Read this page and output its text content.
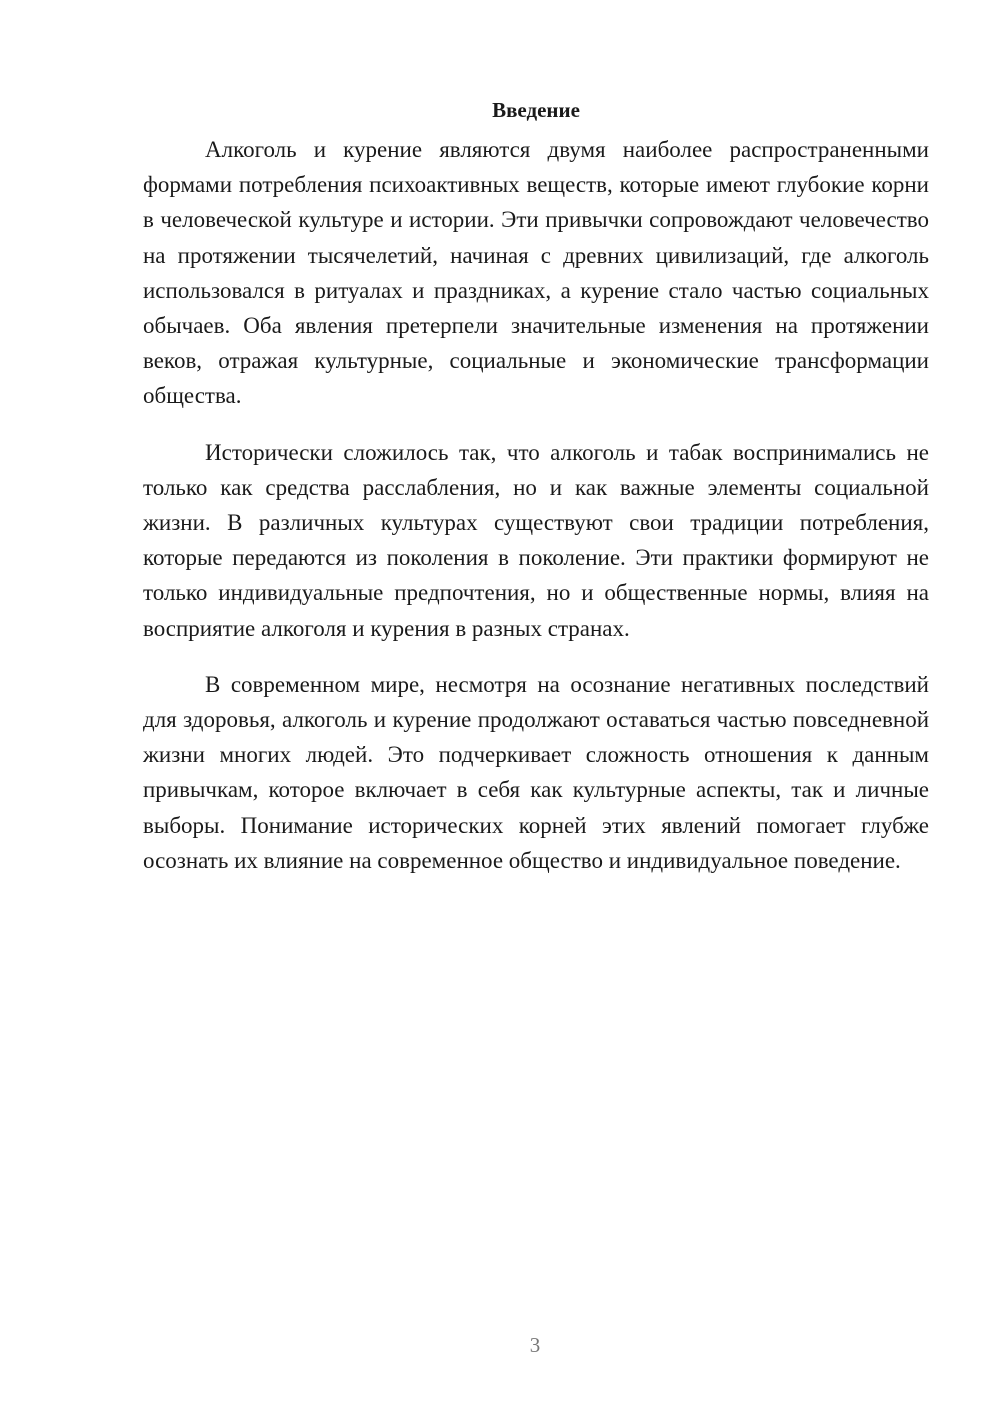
Введение

Алкоголь и курение являются двумя наиболее распространенными формами потребления психоактивных веществ, которые имеют глубокие корни в человеческой культуре и истории. Эти привычки сопровождают человечество на протяжении тысячелетий, начиная с древних цивилизаций, где алкоголь использовался в ритуалах и праздниках, а курение стало частью социальных обычаев. Оба явления претерпели значительные изменения на протяжении веков, отражая культурные, социальные и экономические трансформации общества.

Исторически сложилось так, что алкоголь и табак воспринимались не только как средства расслабления, но и как важные элементы социальной жизни. В различных культурах существуют свои традиции потребления, которые передаются из поколения в поколение. Эти практики формируют не только индивидуальные предпочтения, но и общественные нормы, влияя на восприятие алкоголя и курения в разных странах.

В современном мире, несмотря на осознание негативных последствий для здоровья, алкоголь и курение продолжают оставаться частью повседневной жизни многих людей. Это подчеркивает сложность отношения к данным привычкам, которое включает в себя как культурные аспекты, так и личные выборы. Понимание исторических корней этих явлений помогает глубже осознать их влияние на современное общество и индивидуальное поведение.

3
